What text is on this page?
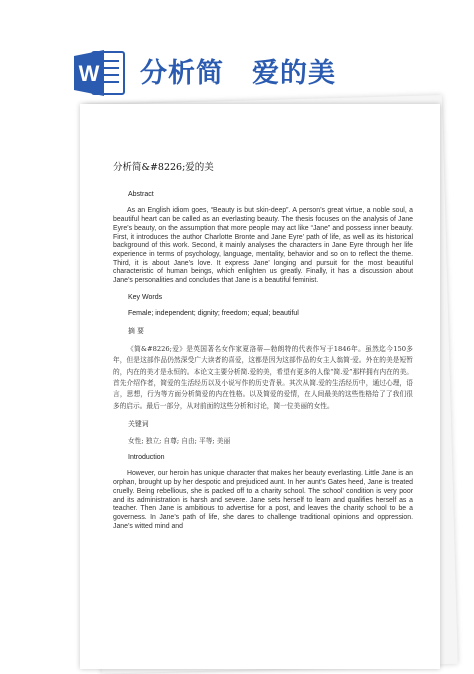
W 分析简　爱的美
分析简&#8226;爱的美
Abstract
As an English idiom goes, “Beauty is but skin-deep”. A person’s great virtue, a noble soul, a beautiful heart can be called as an everlasting beauty. The thesis focuses on the analysis of Jane Eyre’s beauty, on the assumption that more people may act like “Jane” and possess inner beauty. First, it introduces the author Charlotte Bronte and Jane Eyre’ path of life, as well as its historical background of this work. Second, it mainly analyses the characters in Jane Eyre through her life experience in terms of psychology, language, mentality, behavior and so on to reflect the theme. Third, it is about Jane’s love. It express Jane’ longing and pursuit for the most beautiful characteristic of human beings, which enlighten us greatly. Finally, it has a discussion about Jane’s personalities and concludes that Jane is a beautiful feminist.
Key Words
Female; independent; dignity; freedom; equal; beautiful
摘 要
《简&#8226;爱》是英国著名女作家夏洛蒂—勃朗特的代表作写于1846年。虽然迄今150多年，但是这部作品仍然深受广大读者的喜爱，这都是因为这部作品的女主人翁简·爱。外在的美是短暂的，内在的美才是永恒的。本论文主要分析简.爱的美，希望有更多的人像“简.爱”那样拥有内在的美。首先介绍作者，简爱的生活经历以及小说写作的历史背景。其次从简.爱的生活经历中，通过心理，语言，思想，行为等方面分析简爱的内在性格。以及简爱的爱情，在人间最美的这些性格给了了我们很多的启示。最后一部分，从对前面的这些分析和讨论，简一位美丽的女性。
关键词
女性; 独立; 自尊; 自由; 平等; 美丽
Introduction
However, our heroin has unique character that makes her beauty everlasting. Little Jane is an orphan, brought up by her despotic and prejudiced aunt. In her aunt’s Gates heed, Jane is treated cruelly. Being rebellious, she is packed off to a charity school. The school’ condition is very poor and its administration is harsh and severe. Jane sets herself to learn and qualifies herself as a teacher. Then Jane is ambitious to advertise for a post, and leaves the charity school to be a governess. In Jane’s path of life, she dares to challenge traditional opinions and oppression. Jane’s witted mind and
